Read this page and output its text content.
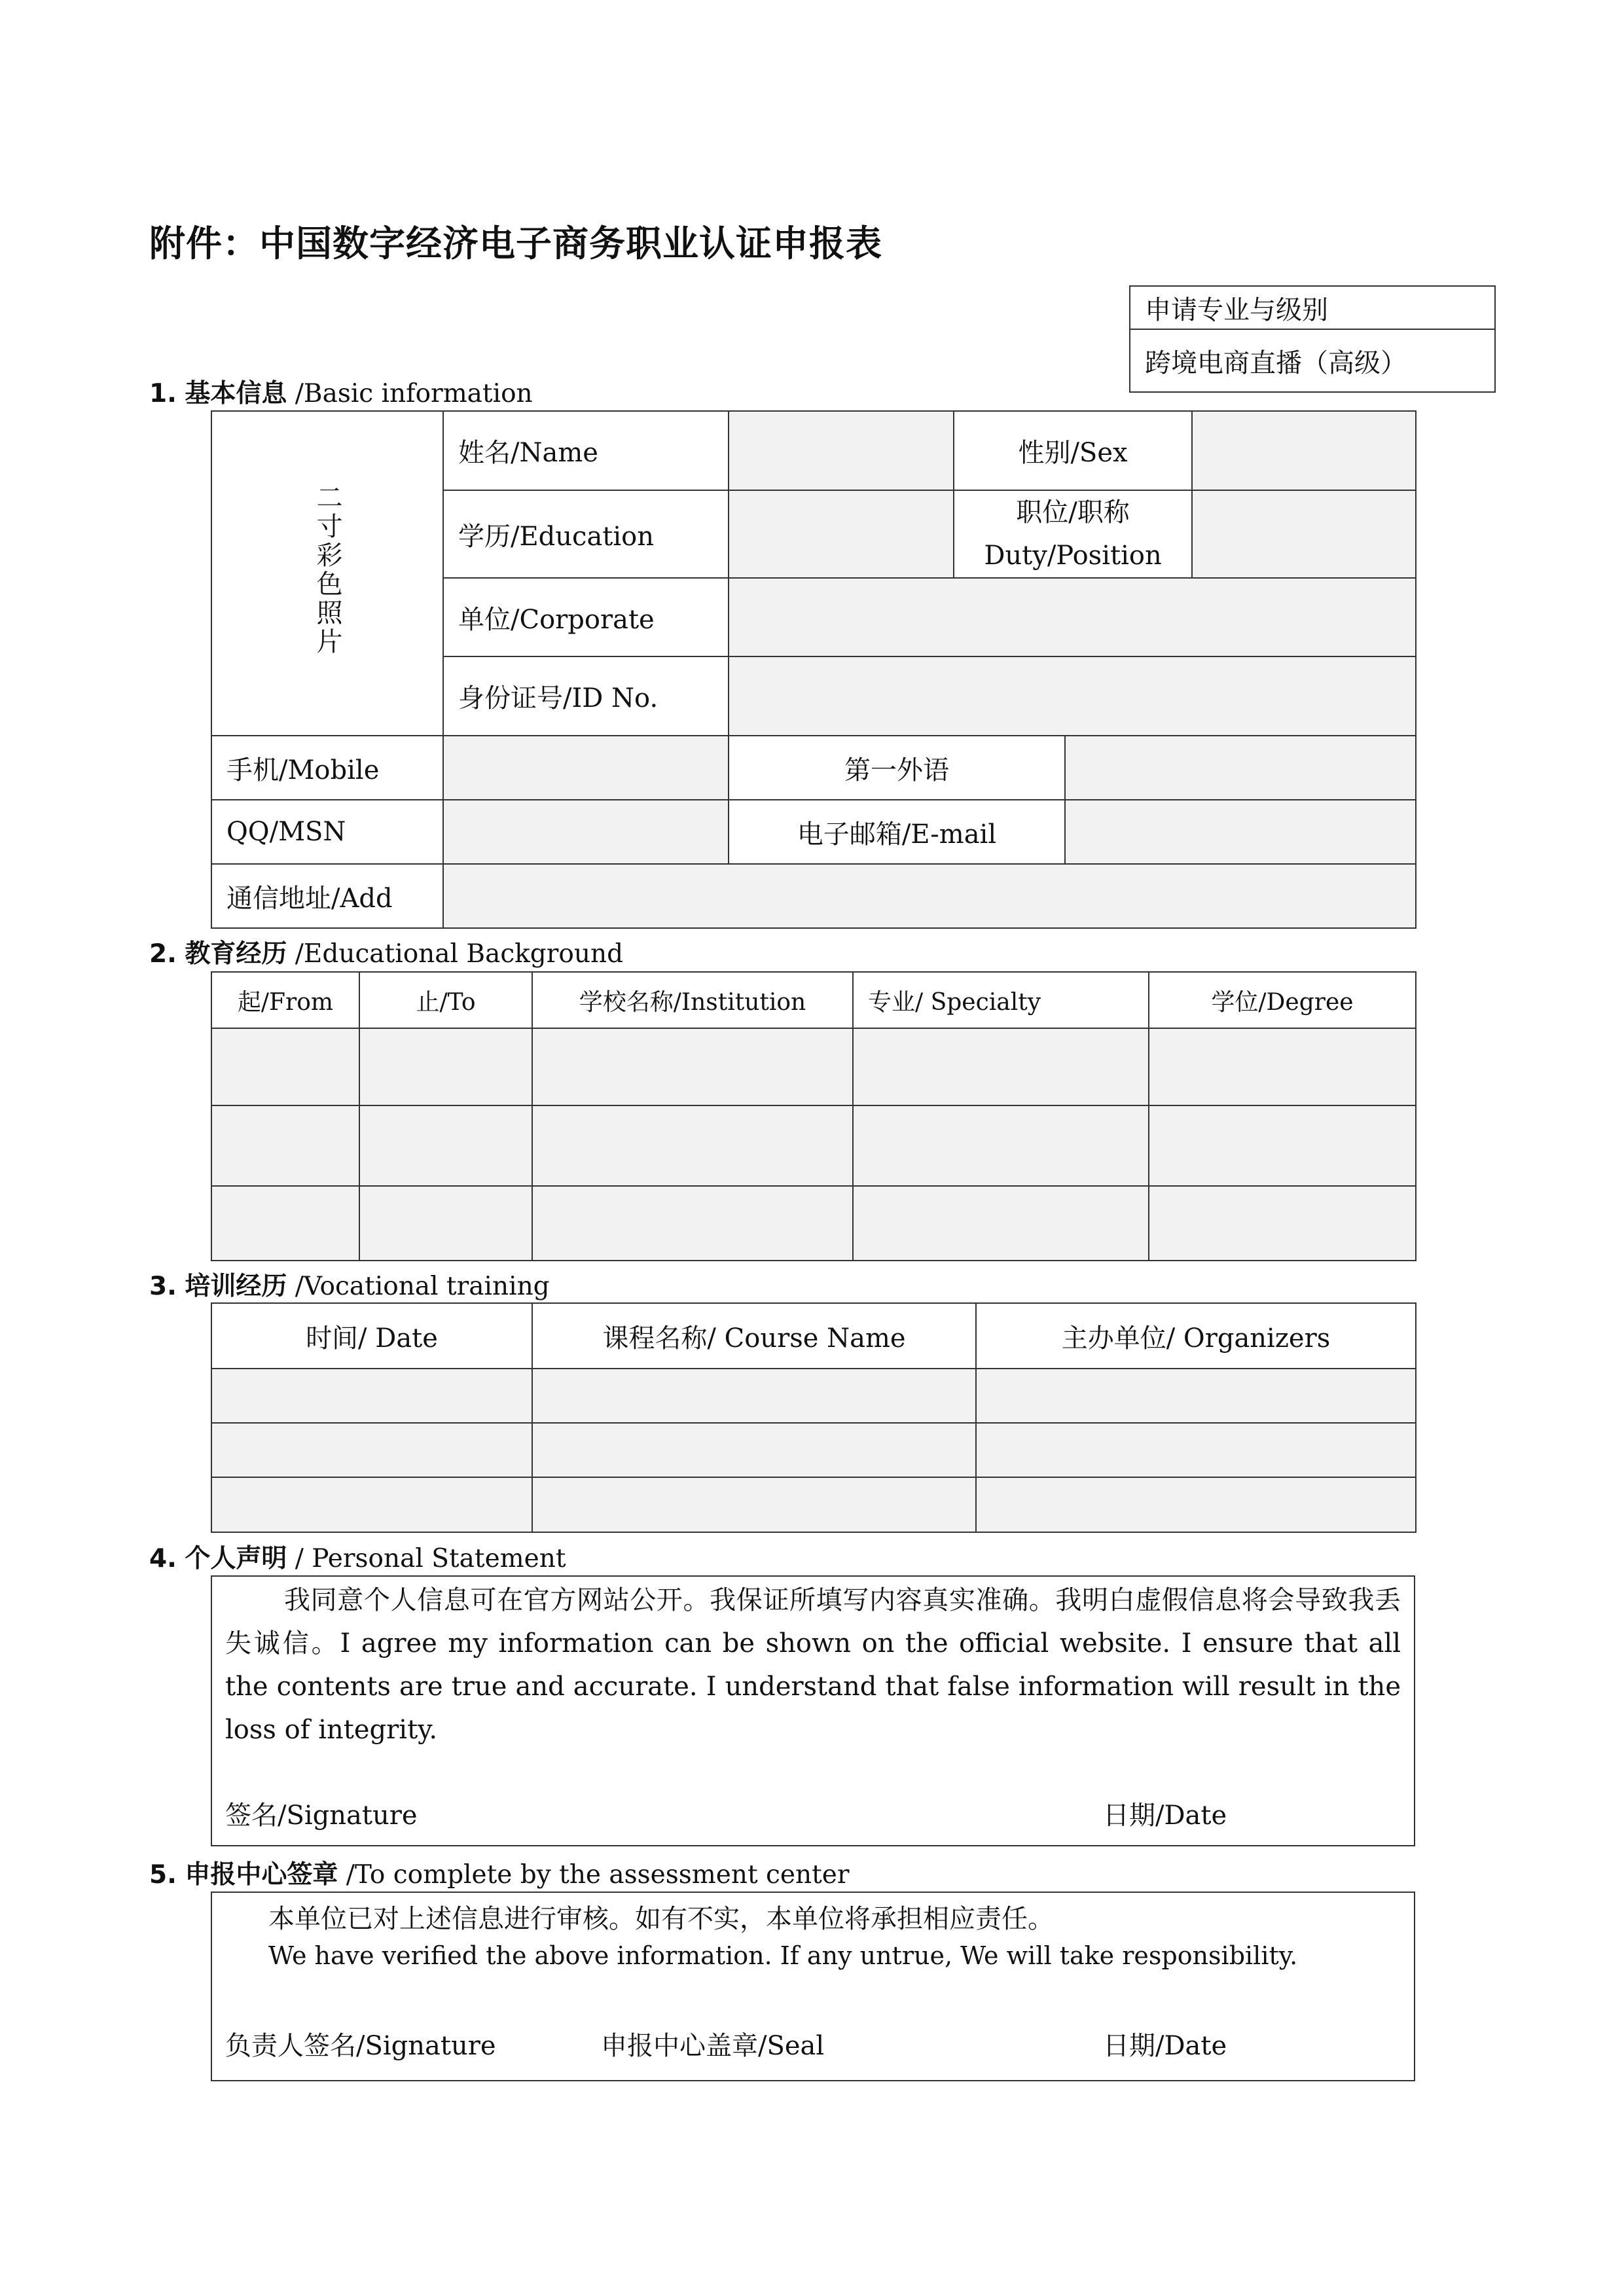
附件：中国数字经济电子商务职业认证申报表
申请专业与级别
跨境电商直播（高级）
1. 基本信息 /Basic information
二寸彩色照片	姓名/Name		性别/Sex		
	学历/Education		职位/职称
Duty/Position		

	单位/Corporate				
	身份证号/ID No.				
手机/Mobile		第一外语			
QQ/MSN		电子邮箱/E-mail			
通信地址/Add					
2. 教育经历 /Educational Background
起/From	止/To	学校名称/Institution	专业/ Specialty	学位/Degree

3. 培训经历 /Vocational training
时间/ Date	课程名称/ Course Name	主办单位/ Organizers

4. 个人声明 / Personal Statement
我同意个人信息可在官方网站公开。我保证所填写内容真实准确。我明白虚假信息将会导致我丢失诚信。I agree my information can be shown on the official website. I ensure that all the contents are true and accurate. I understand that false information will result in the loss of integrity.
签名/Signature	日期/Date
5. 申报中心签章 /To complete by the assessment center
本单位已对上述信息进行审核。如有不实，本单位将承担相应责任。
We have verified the above information. If any untrue, We will take responsibility.
负责人签名/Signature	申报中心盖章/Seal	日期/Date
